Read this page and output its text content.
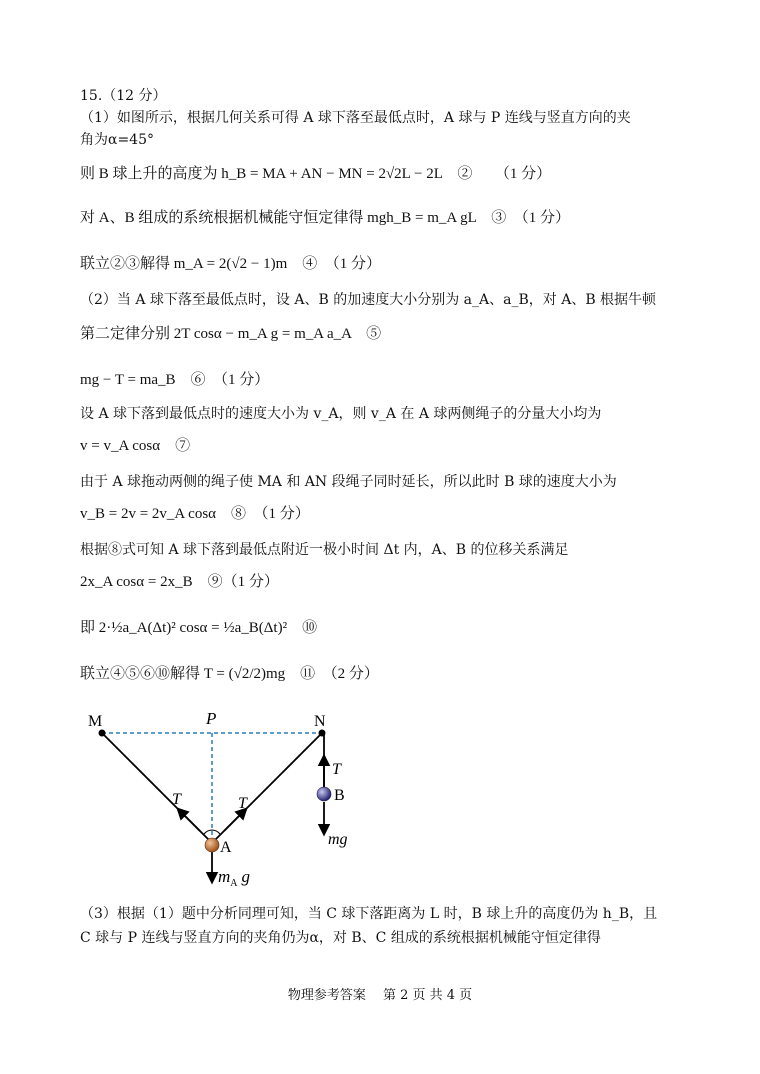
15.（12 分）
（1）如图所示，根据几何关系可得 A 球下落至最低点时，A 球与 P 连线与竖直方向的夹
角为α=45°
则 B 球上升的高度为 h_B = MA + AN − MN = 2√2L − 2L　②　　（1 分）
对 A、B 组成的系统根据机械能守恒定律得 mgh_B = m_A gL　③　（1 分）
联立②③解得 m_A = 2(√2 − 1)m　④　（1 分）
（2）当 A 球下落至最低点时，设 A、B 的加速度大小分别为 a_A、a_B，对 A、B 根据牛顿
第二定律分别 2T cosα − m_A g = m_A a_A　⑤
mg − T = ma_B　⑥　（1 分）
设 A 球下落到最低点时的速度大小为 v_A，则 v_A 在 A 球两侧绳子的分量大小均为
v = v_A cosα　⑦
由于 A 球拖动两侧的绳子使 MA 和 AN 段绳子同时延长，所以此时 B 球的速度大小为
v_B = 2v = 2v_A cosα　⑧　（1 分）
根据⑧式可知 A 球下落到最低点附近一极小时间 Δt 内，A、B 的位移关系满足
2x_A cosα = 2x_B　⑨（1 分）
即 2·½a_A(Δt)² cosα = ½a_B(Δt)²　⑩
联立④⑤⑥⑩解得 T = (√2/2)mg　⑪　（2 分）
M	P	N
T	T
T
B
A	mg
$m_A$ g
（3）根据（1）题中分析同理可知，当 C 球下落距离为 L 时，B 球上升的高度仍为 h_B，且
C 球与 P 连线与竖直方向的夹角仍为α，对 B、C 组成的系统根据机械能守恒定律得
物理参考答案　 第 2 页 共 4 页
